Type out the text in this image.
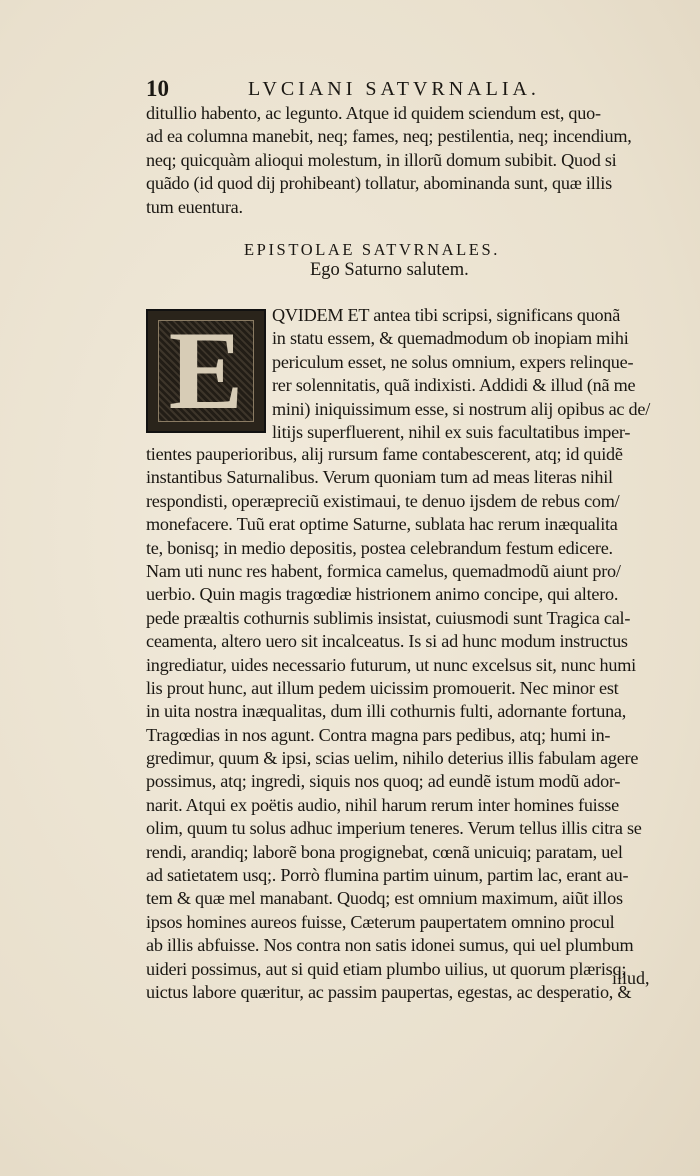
10	LVCIANI SATVRNALIA.
ditullio habento, ac legunto. Atque id quidem sciendum est, quo-
ad ea columna manebit, neq; fames, neq; pestilentia, neq; incendium,
neq; quicquàm alioqui molestum, in illorũ domum subibit. Quod si
quãdo (id quod dij prohibeant) tollatur, abominanda sunt, quæ illis
tum euentura.
EPISTOLAE SATVRNALES.
Ego Saturno salutem.
E	QVIDEM ET antea tibi scripsi, significans quonã
in statu essem, & quemadmodum ob inopiam mihi
periculum esset, ne solus omnium, expers relinque-
rer solennitatis, quã indixisti. Addidi & illud (nã me
mini) iniquissimum esse, si nostrum alij opibus ac de/
litijs superfluerent, nihil ex suis facultatibus imper-
tientes pauperioribus, alij rursum fame contabescerent, atq; id quidẽ
instantibus Saturnalibus. Verum quoniam tum ad meas literas nihil
respondisti, operæpreciũ existimaui, te denuo ijsdem de rebus com/
monefacere. Tuũ erat optime Saturne, sublata hac rerum inæqualita
te, bonisq; in medio depositis, postea celebrandum festum edicere.
Nam uti nunc res habent, formica camelus, quemadmodũ aiunt pro/
uerbio. Quin magis tragœdiæ histrionem animo concipe, qui altero.
pede præaltis cothurnis sublimis insistat, cuiusmodi sunt Tragica cal-
ceamenta, altero uero sit incalceatus. Is si ad hunc modum instructus
ingrediatur, uides necessario futurum, ut nunc excelsus sit, nunc humi
lis prout hunc, aut illum pedem uicissim promouerit. Nec minor est
in uita nostra inæqualitas, dum illi cothurnis fulti, adornante fortuna,
Tragœdias in nos agunt. Contra magna pars pedibus, atq; humi in-
gredimur, quum & ipsi, scias uelim, nihilo deterius illis fabulam agere
possimus, atq; ingredi, siquis nos quoq; ad eundẽ istum modũ ador-
narit. Atqui ex poëtis audio, nihil harum rerum inter homines fuisse
olim, quum tu solus adhuc imperium teneres. Verum tellus illis citra se
rendi, arandiq; laborẽ bona progignebat, cœnã unicuiq; paratam, uel
ad satietatem usq;. Porrò flumina partim uinum, partim lac, erant au-
tem & quæ mel manabant. Quodq; est omnium maximum, aiũt illos
ipsos homines aureos fuisse, Cæterum paupertatem omnino procul
ab illis abfuisse. Nos contra non satis idonei sumus, qui uel plumbum
uideri possimus, aut si quid etiam plumbo uilius, ut quorum plærisq;
uictus labore quæritur, ac passim paupertas, egestas, ac desperatio, &
illud,
